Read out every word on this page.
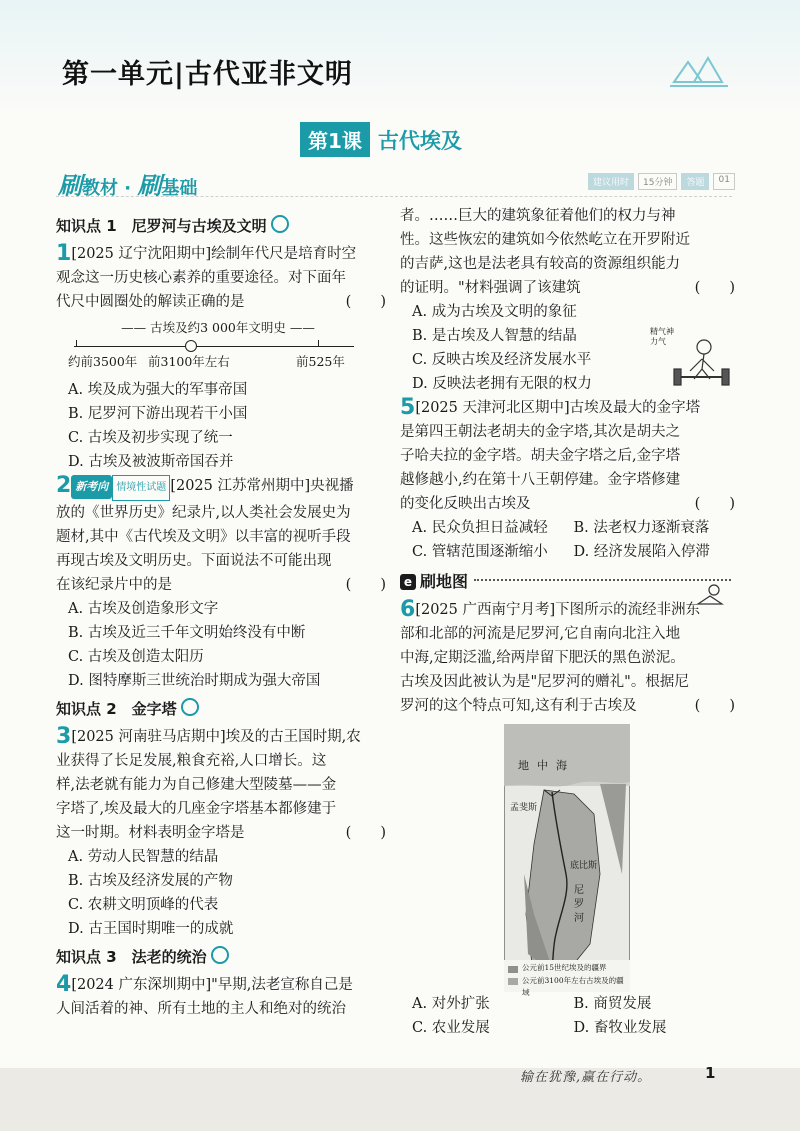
第一单元|古代亚非文明
第1课 古代埃及
刷教材 · 刷基础	建议用时	15分钟	答题	01
知识点 1　尼罗河与古埃及文明
1[2025 辽宁沈阳期中]绘制年代尺是培育时空
观念这一历史核心素养的重要途径。对下面年
代尺中圆圈处的解读正确的是	(　　)
—— 古埃及约3 000年文明史 ——
约前3500年 前3100年左右	前525年
A. 埃及成为强大的军事帝国
B. 尼罗河下游出现若干小国
C. 古埃及初步实现了统一
D. 古埃及被波斯帝国吞并
2 新考向 情境性试题 [2025 江苏常州期中]央视播
放的《世界历史》纪录片,以人类社会发展史为
题材,其中《古代埃及文明》以丰富的视听手段
再现古埃及文明历史。下面说法不可能出现
在该纪录片中的是	(　　)
A. 古埃及创造象形文字
B. 古埃及近三千年文明始终没有中断
C. 古埃及创造太阳历
D. 图特摩斯三世统治时期成为强大帝国
知识点 2　金字塔
3[2025 河南驻马店期中]埃及的古王国时期,农
业获得了长足发展,粮食充裕,人口增长。这
样,法老就有能力为自己修建大型陵墓——金
字塔了,埃及最大的几座金字塔基本都修建于
这一时期。材料表明金字塔是	(　　)
A. 劳动人民智慧的结晶
B. 古埃及经济发展的产物
C. 农耕文明顶峰的代表
D. 古王国时期唯一的成就
知识点 3　法老的统治
4[2024 广东深圳期中]"早期,法老宣称自己是
人间活着的神、所有土地的主人和绝对的统治
者。……巨大的建筑象征着他们的权力与神
性。这些恢宏的建筑如今依然屹立在开罗附近
的吉萨,这也是法老具有较高的资源组织能力
的证明。"材料强调了该建筑	(　　)
A. 成为古埃及文明的象征
B. 是古埃及人智慧的结晶
C. 反映古埃及经济发展水平
D. 反映法老拥有无限的权力
5[2025 天津河北区期中]古埃及最大的金字塔
是第四王朝法老胡夫的金字塔,其次是胡夫之
子哈夫拉的金字塔。胡夫金字塔之后,金字塔
越修越小,约在第十八王朝停建。金字塔修建
的变化反映出古埃及	(　　)
A. 民众负担日益减轻	B. 法老权力逐渐衰落
C. 管辖范围逐渐缩小	D. 经济发展陷入停滞
e 刷地图
6[2025 广西南宁月考]下图所示的流经非洲东
部和北部的河流是尼罗河,它自南向北注入地
中海,定期泛滥,给两岸留下肥沃的黑色淤泥。
古埃及因此被认为是"尼罗河的赠礼"。根据尼
罗河的这个特点可知,这有利于古埃及	(　　)
地中海
孟斐斯
底比斯
尼罗河
公元前15世纪埃及的疆界
公元前3100年左右古埃及的疆域
A. 对外扩张	B. 商贸发展
C. 农业发展	D. 畜牧业发展
精气神 力气
输在犹豫,赢在行动。	1
